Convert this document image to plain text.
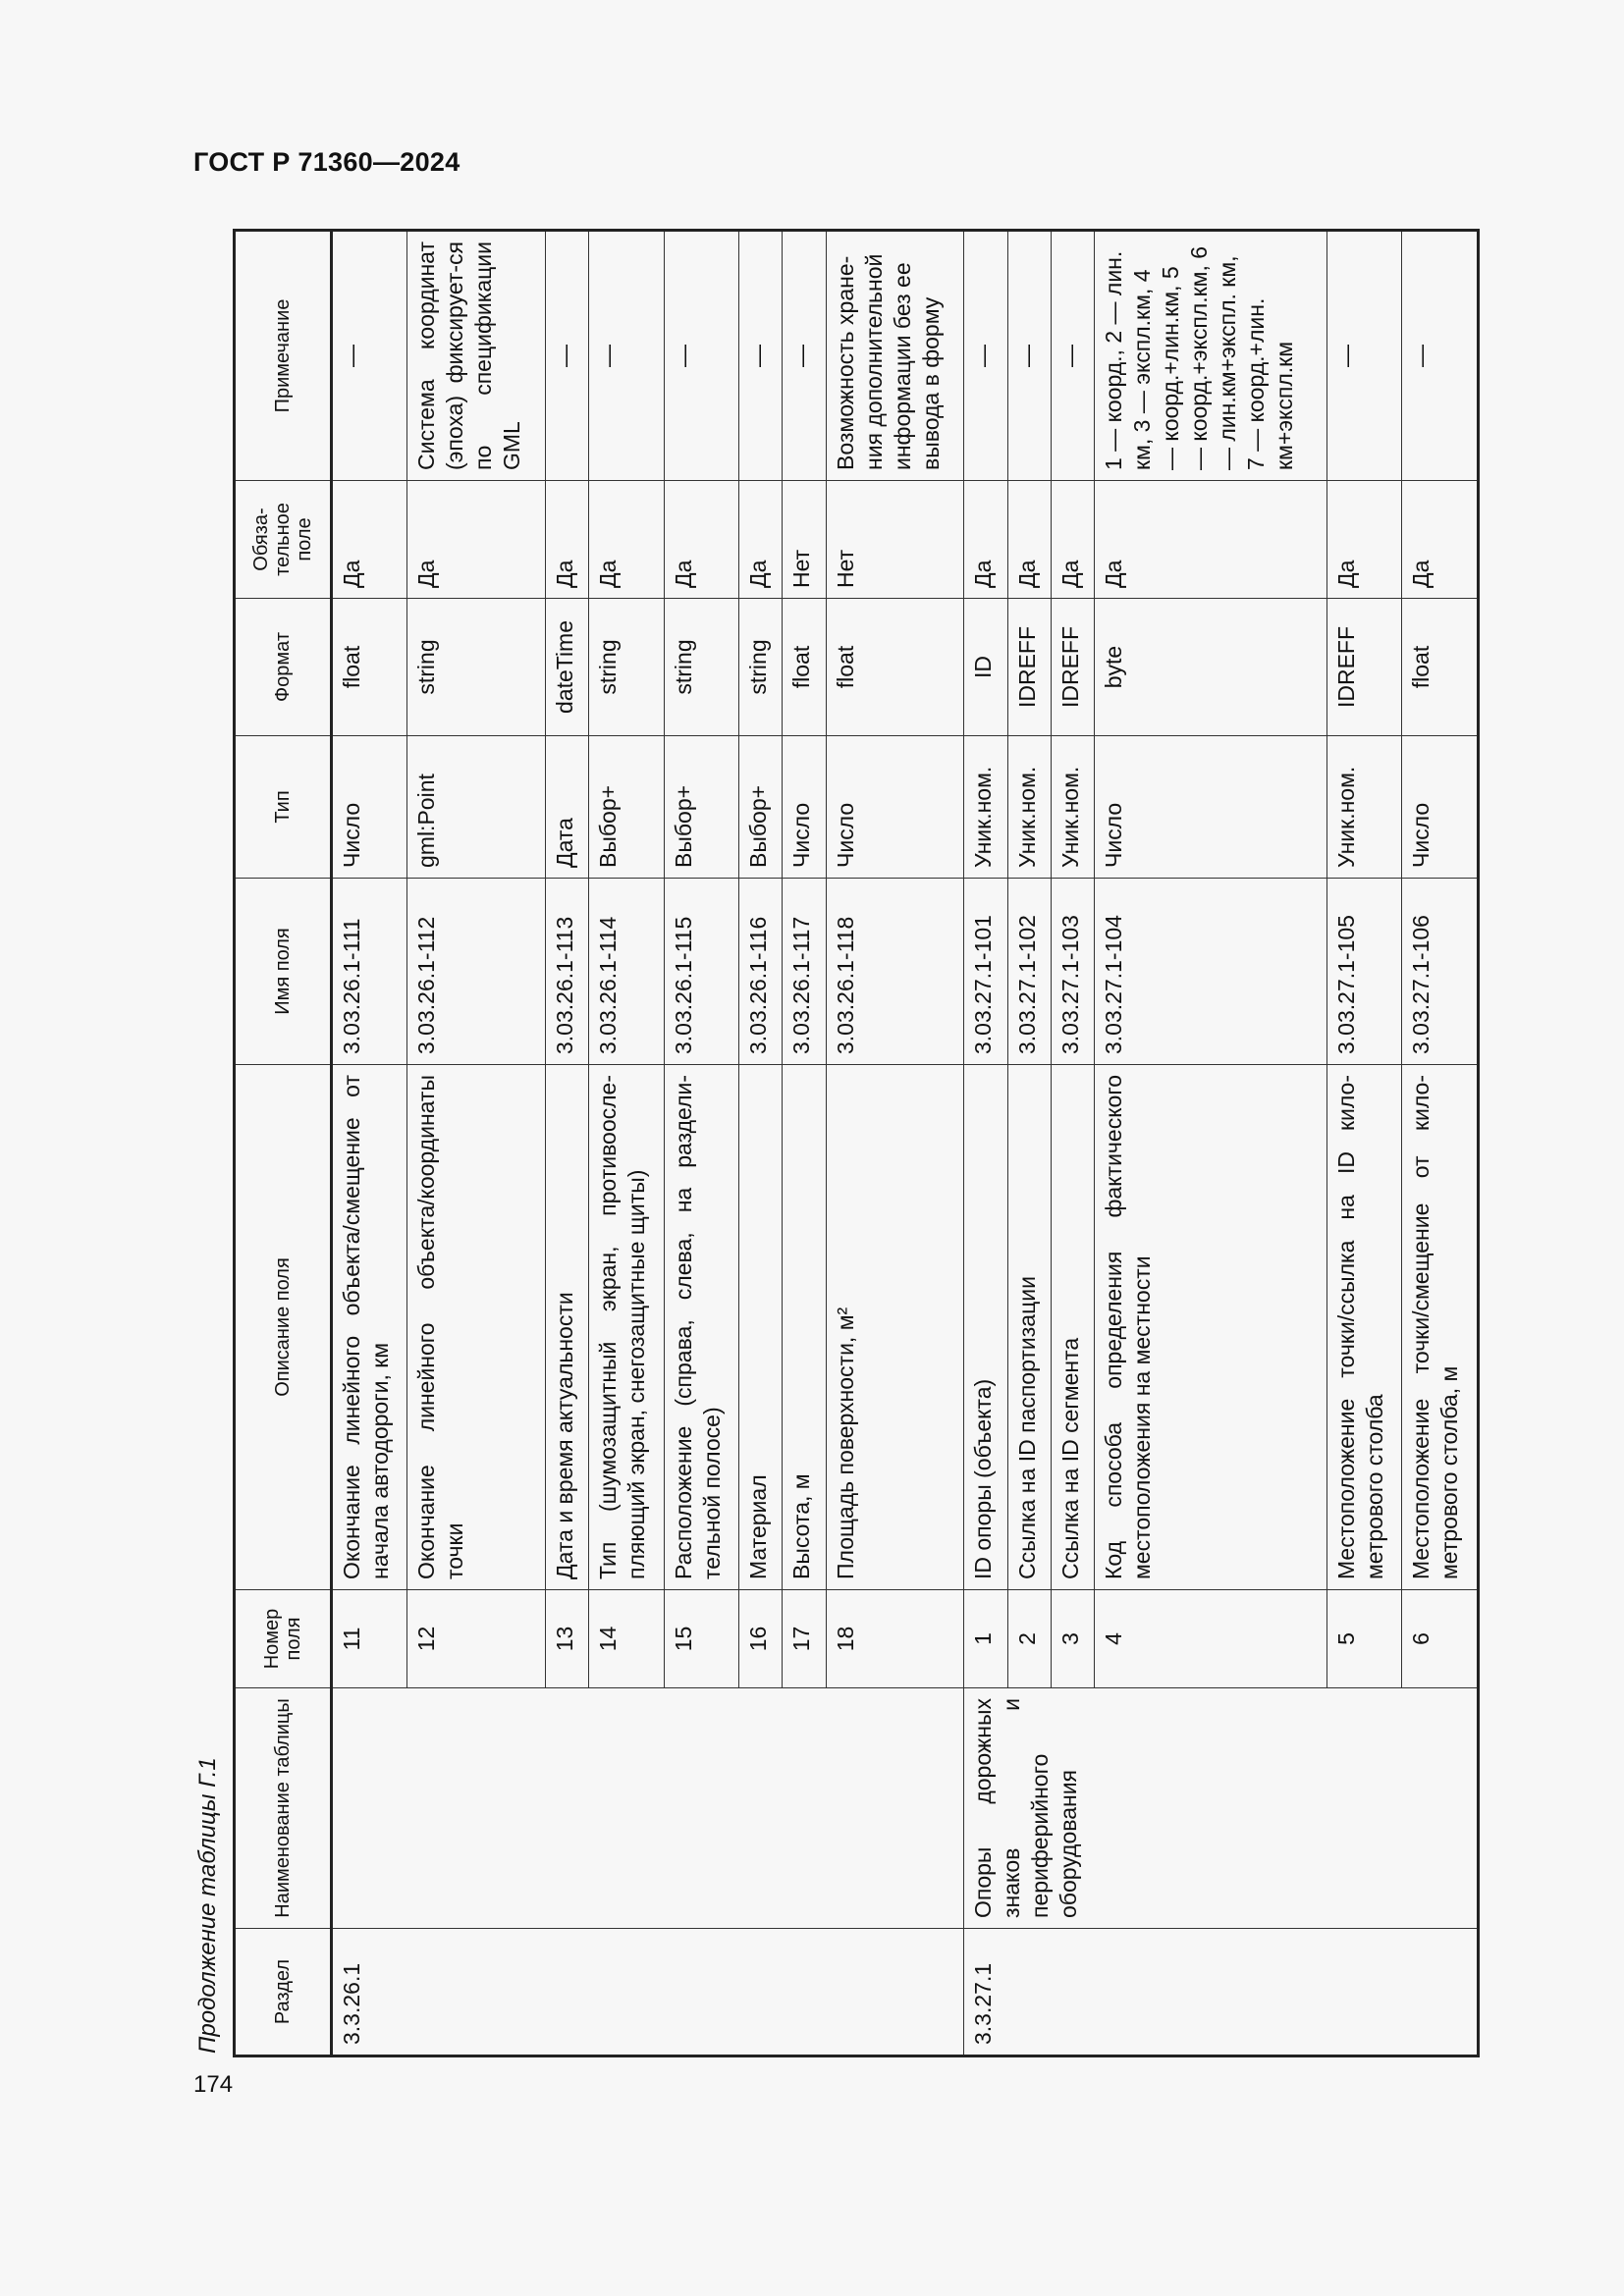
ГОСТ Р 71360—2024
Продолжение таблицы Г.1
174
Раздел	Наименование таблицы	Номер поля	Описание поля	Имя поля	Тип	Формат	Обяза-тельное поле	Примечание
3.3.26.1		11	Окончание линейного объекта/смещение от начала автодороги, км	3.03.26.1-111	Число	float	Да	—
		12	Окончание линейного объекта/координаты точки	3.03.26.1-112	gml:Point	string	Да	Система координат (эпоха) фиксирует-ся по спецификации GML
		13	Дата и время актуальности	3.03.26.1-113	Дата	dateTime	Да	—
		14	Тип (шумозащитный экран, противоосле-пляющий экран, снегозащитные щиты)	3.03.26.1-114	Выбор+	string	Да	—
		15	Расположение (справа, слева, на раздели-тельной полосе)	3.03.26.1-115	Выбор+	string	Да	—
		16	Материал	3.03.26.1-116	Выбор+	string	Да	—
		17	Высота, м	3.03.26.1-117	Число	float	Нет	—
		18	Площадь поверхности, м²	3.03.26.1-118	Число	float	Нет	Возможность хране-ния дополнительной информации без ее вывода в форму
3.3.27.1	Опоры дорожных знаков и периферийного оборудования	1	ID опоры (объекта)	3.03.27.1-101	Уник.ном.	ID	Да	—
		2	Ссылка на ID паспортизации	3.03.27.1-102	Уник.ном.	IDREFF	Да	—
		3	Ссылка на ID сегмента	3.03.27.1-103	Уник.ном.	IDREFF	Да	—
		4	Код способа определения фактического местоположения на местности	3.03.27.1-104	Число	byte	Да	1 — коорд., 2 — лин. км, 3 — экспл.км, 4 — коорд.+лин.км, 5 — коорд.+экспл.км, 6 — лин.км+экспл. км, 7 — коорд.+лин. км+экспл.км
		5	Местоположение точки/ссылка на ID кило-метрового столба	3.03.27.1-105	Уник.ном.	IDREFF	Да	—
		6	Местоположение точки/смещение от кило-метрового столба, м	3.03.27.1-106	Число	float	Да	—
